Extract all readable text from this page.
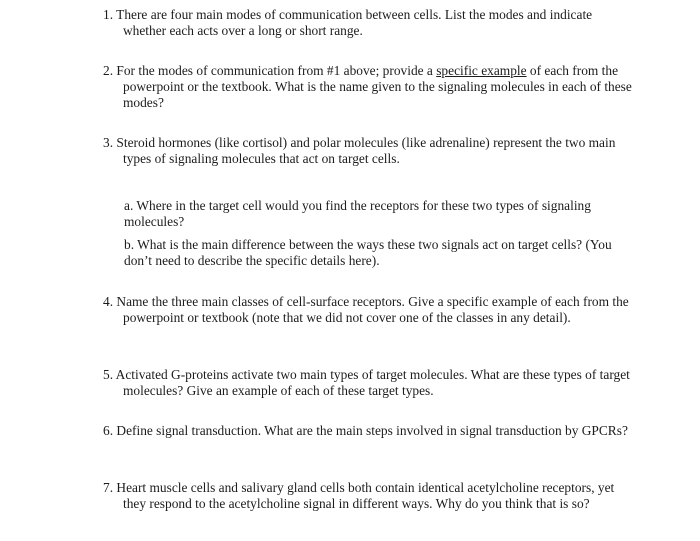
1. There are four main modes of communication between cells. List the modes and indicate whether each acts over a long or short range.

2. For the modes of communication from #1 above; provide a specific example of each from the powerpoint or the textbook. What is the name given to the signaling molecules in each of these modes?

3. Steroid hormones (like cortisol) and polar molecules (like adrenaline) represent the two main types of signaling molecules that act on target cells.

a. Where in the target cell would you find the receptors for these two types of signaling molecules?

b. What is the main difference between the ways these two signals act on target cells? (You don’t need to describe the specific details here).

4. Name the three main classes of cell-surface receptors. Give a specific example of each from the powerpoint or textbook (note that we did not cover one of the classes in any detail).

5. Activated G-proteins activate two main types of target molecules. What are these types of target molecules? Give an example of each of these target types.

6. Define signal transduction. What are the main steps involved in signal transduction by GPCRs?

7. Heart muscle cells and salivary gland cells both contain identical acetylcholine receptors, yet they respond to the acetylcholine signal in different ways. Why do you think that is so?
